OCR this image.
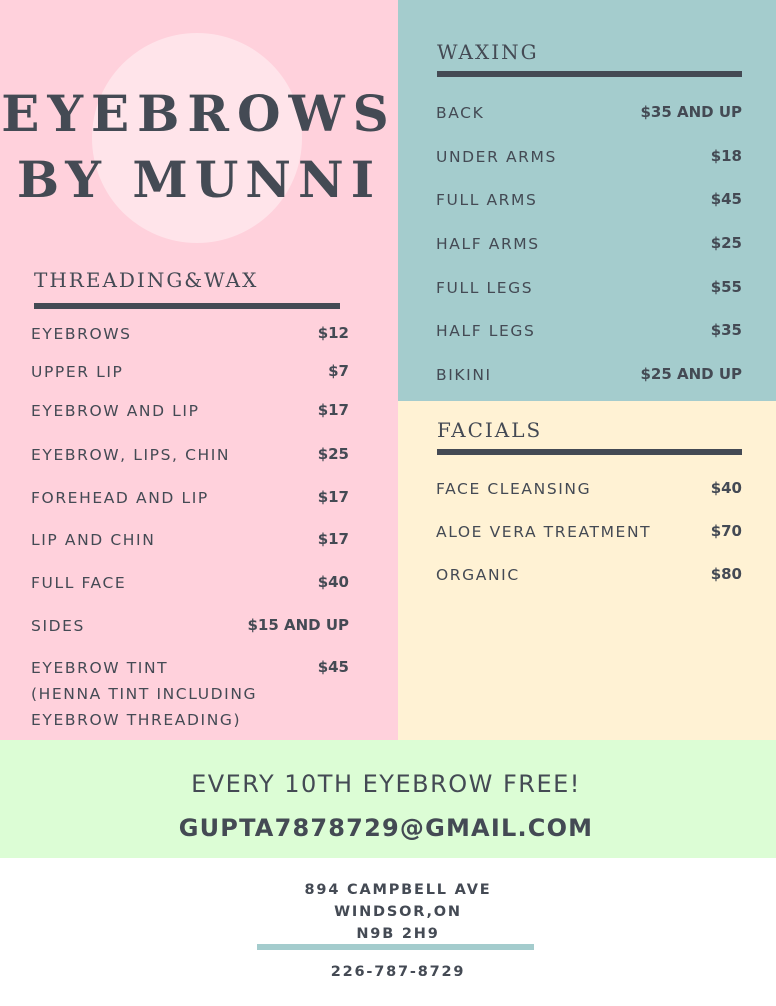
EYEBROWS
BY MUNNI
THREADING&WAX
EYEBROWS	$12
UPPER LIP	$7
EYEBROW AND LIP	$17
EYEBROW, LIPS, CHIN	$25
FOREHEAD AND LIP	$17
LIP AND CHIN	$17
FULL FACE	$40
SIDES	$15 AND UP
EYEBROW TINT	$45
(HENNA TINT INCLUDING
EYEBROW THREADING)
WAXING
BACK	$35 AND UP
UNDER ARMS	$18
FULL ARMS	$45
HALF ARMS	$25
FULL LEGS	$55
HALF LEGS	$35
BIKINI	$25 AND UP
FACIALS
FACE CLEANSING	$40
ALOE VERA TREATMENT	$70
ORGANIC	$80
EVERY 10TH EYEBROW FREE!
GUPTA7878729@GMAIL.COM
894 CAMPBELL AVE
WINDSOR,ON
N9B 2H9
226-787-8729
